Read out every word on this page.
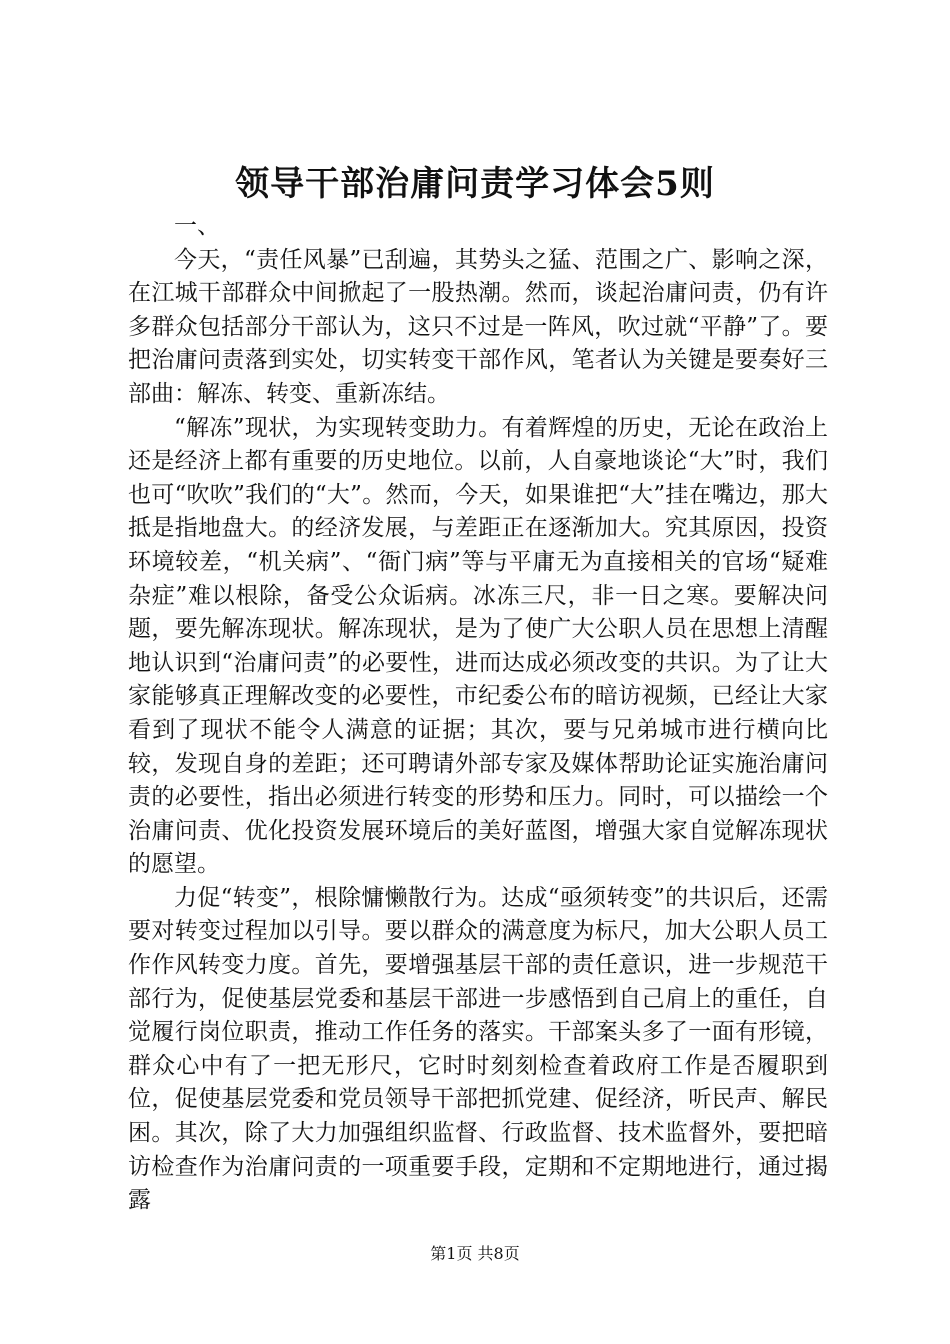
领导干部治庸问责学习体会5则

一、

今天，“责任风暴”已刮遍，其势头之猛、范围之广、影响之深，在江城干部群众中间掀起了一股热潮。然而，谈起治庸问责，仍有许多群众包括部分干部认为，这只不过是一阵风，吹过就“平静”了。要把治庸问责落到实处，切实转变干部作风，笔者认为关键是要奏好三部曲：解冻、转变、重新冻结。

“解冻”现状，为实现转变助力。有着辉煌的历史，无论在政治上还是经济上都有重要的历史地位。以前，人自豪地谈论“大”时，我们也可“吹吹”我们的“大”。然而，今天，如果谁把“大”挂在嘴边，那大抵是指地盘大。的经济发展，与差距正在逐渐加大。究其原因，投资环境较差，“机关病”、“衙门病”等与平庸无为直接相关的官场“疑难杂症”难以根除，备受公众诟病。冰冻三尺，非一日之寒。要解决问题，要先解冻现状。解冻现状，是为了使广大公职人员在思想上清醒地认识到“治庸问责”的必要性，进而达成必须改变的共识。为了让大家能够真正理解改变的必要性，市纪委公布的暗访视频，已经让大家看到了现状不能令人满意的证据；其次，要与兄弟城市进行横向比较，发现自身的差距；还可聘请外部专家及媒体帮助论证实施治庸问责的必要性，指出必须进行转变的形势和压力。同时，可以描绘一个治庸问责、优化投资发展环境后的美好蓝图，增强大家自觉解冻现状的愿望。

力促“转变”，根除慵懒散行为。达成“亟须转变”的共识后，还需要对转变过程加以引导。要以群众的满意度为标尺，加大公职人员工作作风转变力度。首先，要增强基层干部的责任意识，进一步规范干部行为，促使基层党委和基层干部进一步感悟到自己肩上的重任，自觉履行岗位职责，推动工作任务的落实。干部案头多了一面有形镜，群众心中有了一把无形尺，它时时刻刻检查着政府工作是否履职到位，促使基层党委和党员领导干部把抓党建、促经济，听民声、解民困。其次，除了大力加强组织监督、行政监督、技术监督外，要把暗访检查作为治庸问责的一项重要手段，定期和不定期地进行，通过揭露

第1页 共8页
